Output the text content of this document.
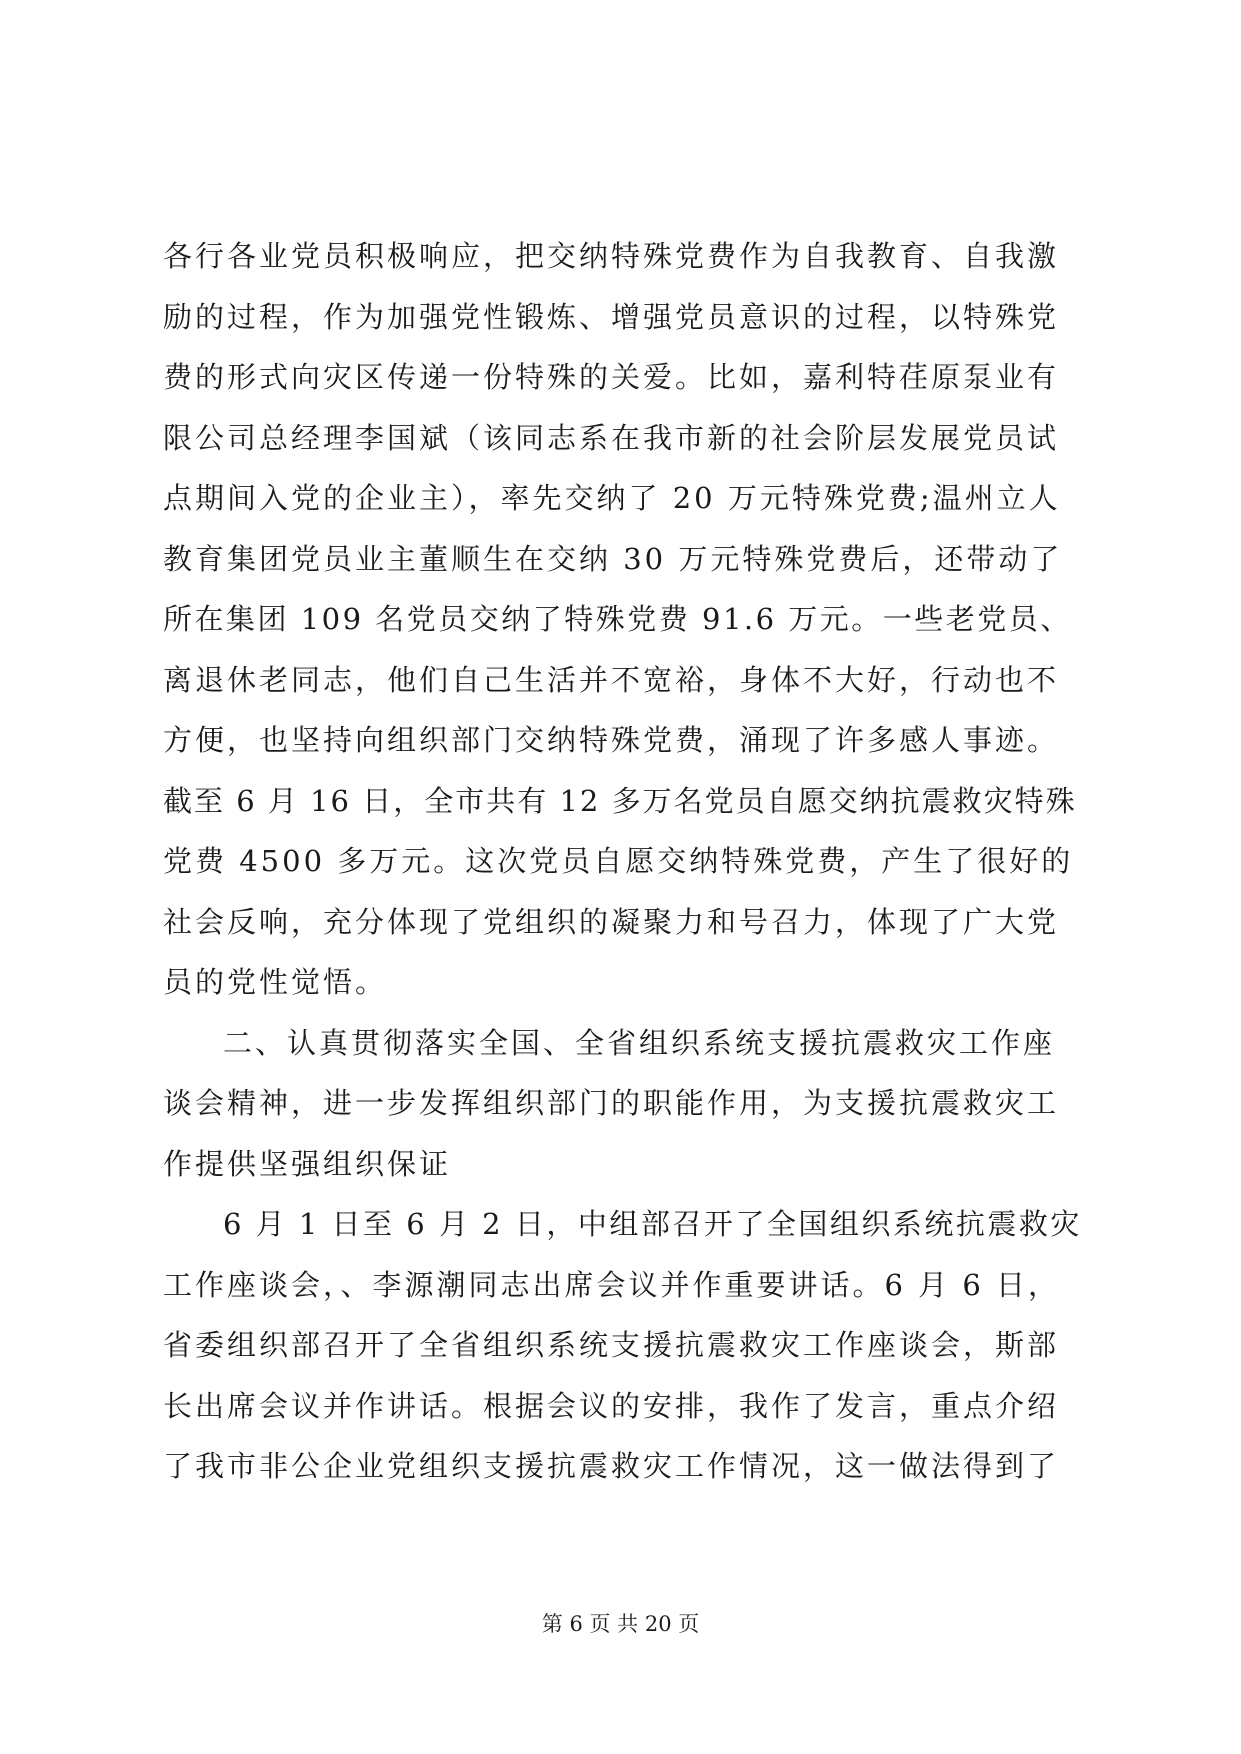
各行各业党员积极响应，把交纳特殊党费作为自我教育、自我激
励的过程，作为加强党性锻炼、增强党员意识的过程，以特殊党
费的形式向灾区传递一份特殊的关爱。比如，嘉利特荏原泵业有
限公司总经理李国斌（该同志系在我市新的社会阶层发展党员试
点期间入党的企业主），率先交纳了 20 万元特殊党费;温州立人
教育集团党员业主董顺生在交纳 30 万元特殊党费后，还带动了
所在集团 109 名党员交纳了特殊党费 91.6 万元。一些老党员、
离退休老同志，他们自己生活并不宽裕，身体不大好，行动也不
方便，也坚持向组织部门交纳特殊党费，涌现了许多感人事迹。
截至 6 月 16 日，全市共有 12 多万名党员自愿交纳抗震救灾特殊
党费 4500 多万元。这次党员自愿交纳特殊党费，产生了很好的
社会反响，充分体现了党组织的凝聚力和号召力，体现了广大党
员的党性觉悟。
二、认真贯彻落实全国、全省组织系统支援抗震救灾工作座
谈会精神，进一步发挥组织部门的职能作用，为支援抗震救灾工
作提供坚强组织保证
6 月 1 日至 6 月 2 日，中组部召开了全国组织系统抗震救灾
工作座谈会，、李源潮同志出席会议并作重要讲话。6 月 6 日，
省委组织部召开了全省组织系统支援抗震救灾工作座谈会，斯部
长出席会议并作讲话。根据会议的安排，我作了发言，重点介绍
了我市非公企业党组织支援抗震救灾工作情况，这一做法得到了
第 6 页 共 20 页
